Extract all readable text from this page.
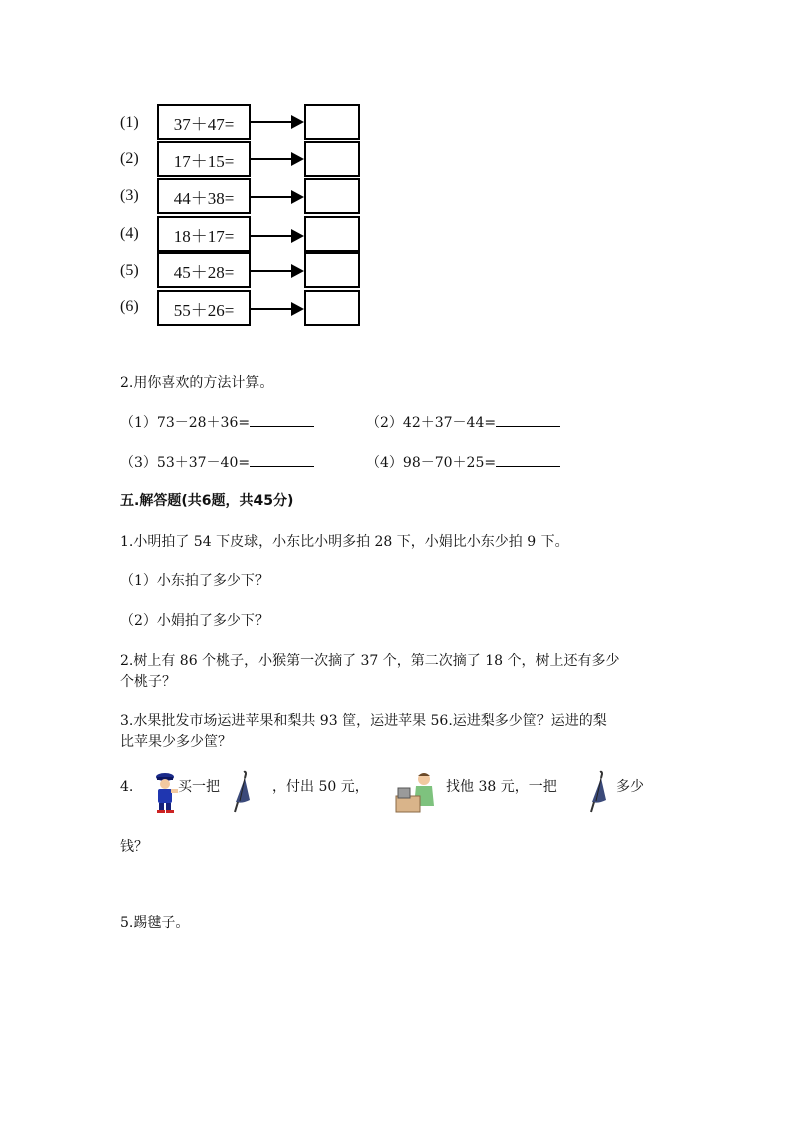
(1)	37＋47=
(2)	17＋15=
(3)	44＋38=
(4)	18＋17=
(5)	45＋28=
(6)	55＋26=
2.用你喜欢的方法计算。
（1）73－28＋36=	（2）42＋37－44=
（3）53＋37－40=	（4）98－70＋25=
五.解答题(共6题，共45分)
1.小明拍了 54 下皮球，小东比小明多拍 28 下，小娟比小东少拍 9 下。
（1）小东拍了多少下？
（2）小娟拍了多少下？
2.树上有 86 个桃子，小猴第一次摘了 37 个，第二次摘了 18 个，树上还有多少
个桃子？
3.水果批发市场运进苹果和梨共 93 筐，运进苹果 56.运进梨多少筐？运进的梨
比苹果少多少筐？
4.	买一把	，付出 50 元，	找他 38 元，一把	多少
钱？
5.踢毽子。
